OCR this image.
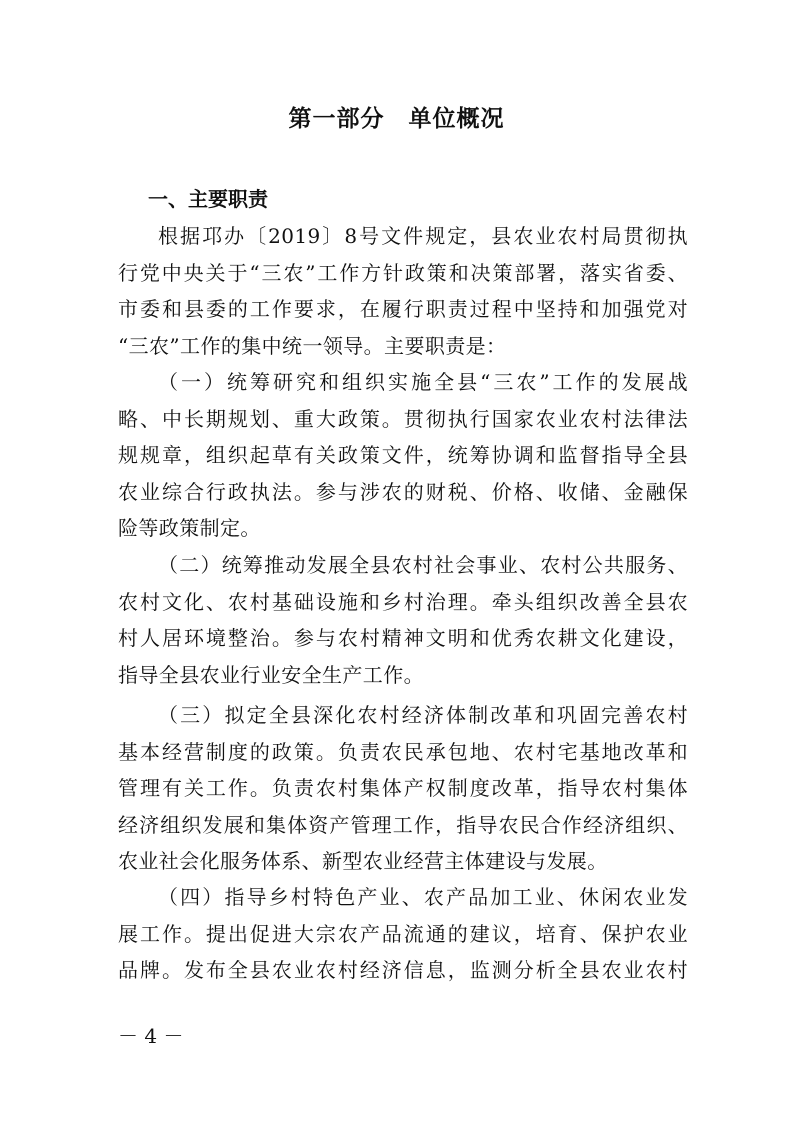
第一部分　单位概况
一、主要职责
根据邛办〔2019〕8号文件规定，县农业农村局贯彻执
行党中央关于“三农”工作方针政策和决策部署，落实省委、
市委和县委的工作要求，在履行职责过程中坚持和加强党对
“三农”工作的集中统一领导。主要职责是：
（一）统筹研究和组织实施全县“三农”工作的发展战
略、中长期规划、重大政策。贯彻执行国家农业农村法律法
规规章，组织起草有关政策文件，统筹协调和监督指导全县
农业综合行政执法。参与涉农的财税、价格、收储、金融保
险等政策制定。
（二）统筹推动发展全县农村社会事业、农村公共服务、
农村文化、农村基础设施和乡村治理。牵头组织改善全县农
村人居环境整治。参与农村精神文明和优秀农耕文化建设，
指导全县农业行业安全生产工作。
（三）拟定全县深化农村经济体制改革和巩固完善农村
基本经营制度的政策。负责农民承包地、农村宅基地改革和
管理有关工作。负责农村集体产权制度改革，指导农村集体
经济组织发展和集体资产管理工作，指导农民合作经济组织、
农业社会化服务体系、新型农业经营主体建设与发展。
（四）指导乡村特色产业、农产品加工业、休闲农业发
展工作。提出促进大宗农产品流通的建议，培育、保护农业
品牌。发布全县农业农村经济信息，监测分析全县农业农村
－ 4 －
